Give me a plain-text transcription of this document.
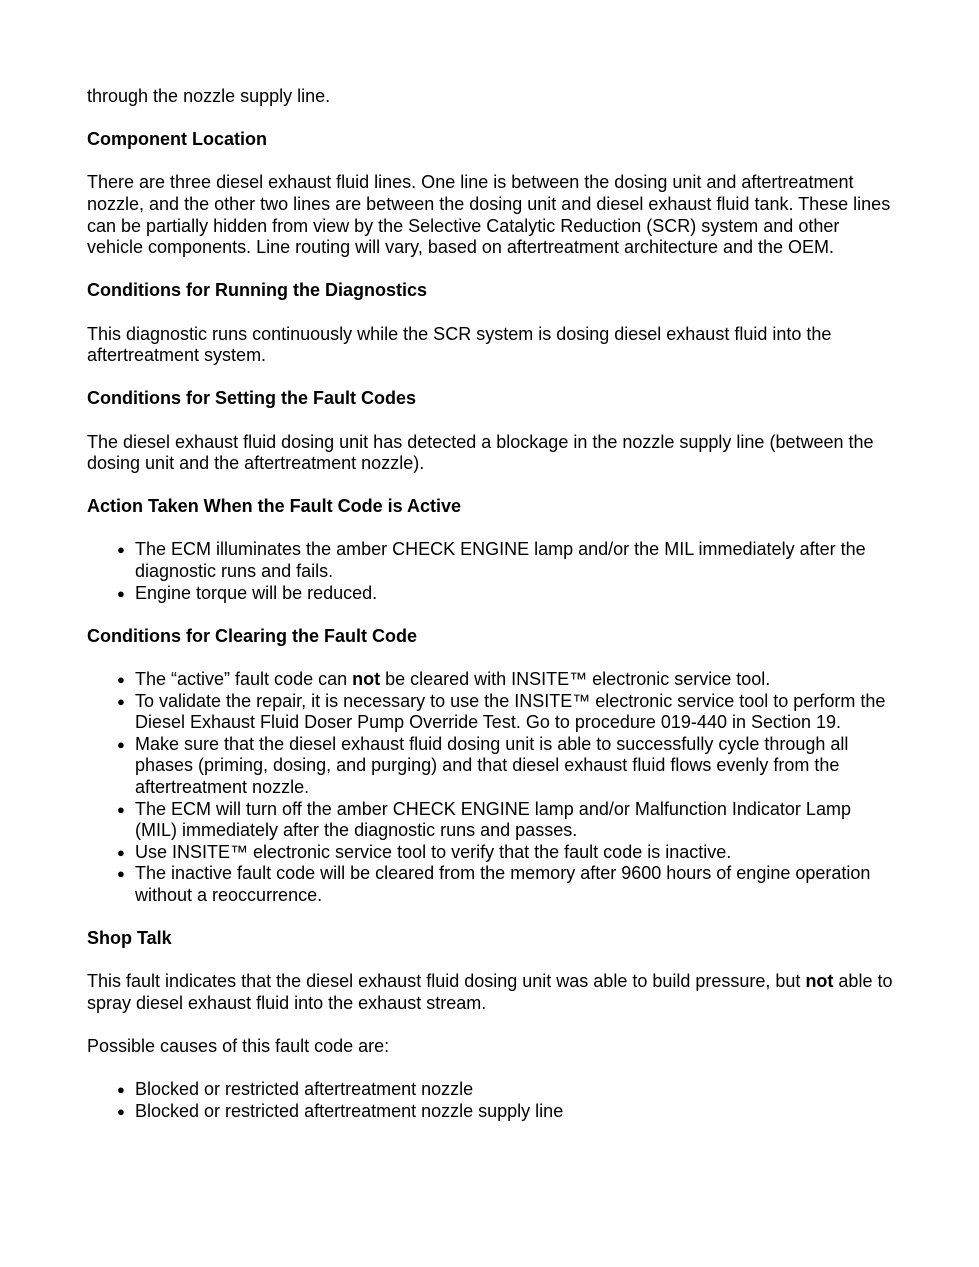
through the nozzle supply line.

Component Location

There are three diesel exhaust fluid lines. One line is between the dosing unit and aftertreatment nozzle, and the other two lines are between the dosing unit and diesel exhaust fluid tank. These lines can be partially hidden from view by the Selective Catalytic Reduction (SCR) system and other vehicle components. Line routing will vary, based on aftertreatment architecture and the OEM.

Conditions for Running the Diagnostics

This diagnostic runs continuously while the SCR system is dosing diesel exhaust fluid into the aftertreatment system.

Conditions for Setting the Fault Codes

The diesel exhaust fluid dosing unit has detected a blockage in the nozzle supply line (between the dosing unit and the aftertreatment nozzle).

Action Taken When the Fault Code is Active
● The ECM illuminates the amber CHECK ENGINE lamp and/or the MIL immediately after the diagnostic runs and fails.
● Engine torque will be reduced.
Conditions for Clearing the Fault Code
● The “active” fault code can not be cleared with INSITE™ electronic service tool.
● To validate the repair, it is necessary to use the INSITE™ electronic service tool to perform the Diesel Exhaust Fluid Doser Pump Override Test. Go to procedure 019-440 in Section 19.
● Make sure that the diesel exhaust fluid dosing unit is able to successfully cycle through all phases (priming, dosing, and purging) and that diesel exhaust fluid flows evenly from the aftertreatment nozzle.
● The ECM will turn off the amber CHECK ENGINE lamp and/or Malfunction Indicator Lamp (MIL) immediately after the diagnostic runs and passes.
● Use INSITE™ electronic service tool to verify that the fault code is inactive.
● The inactive fault code will be cleared from the memory after 9600 hours of engine operation without a reoccurrence.
Shop Talk

This fault indicates that the diesel exhaust fluid dosing unit was able to build pressure, but not able to spray diesel exhaust fluid into the exhaust stream.

Possible causes of this fault code are:

● Blocked or restricted aftertreatment nozzle
● Blocked or restricted aftertreatment nozzle supply line
